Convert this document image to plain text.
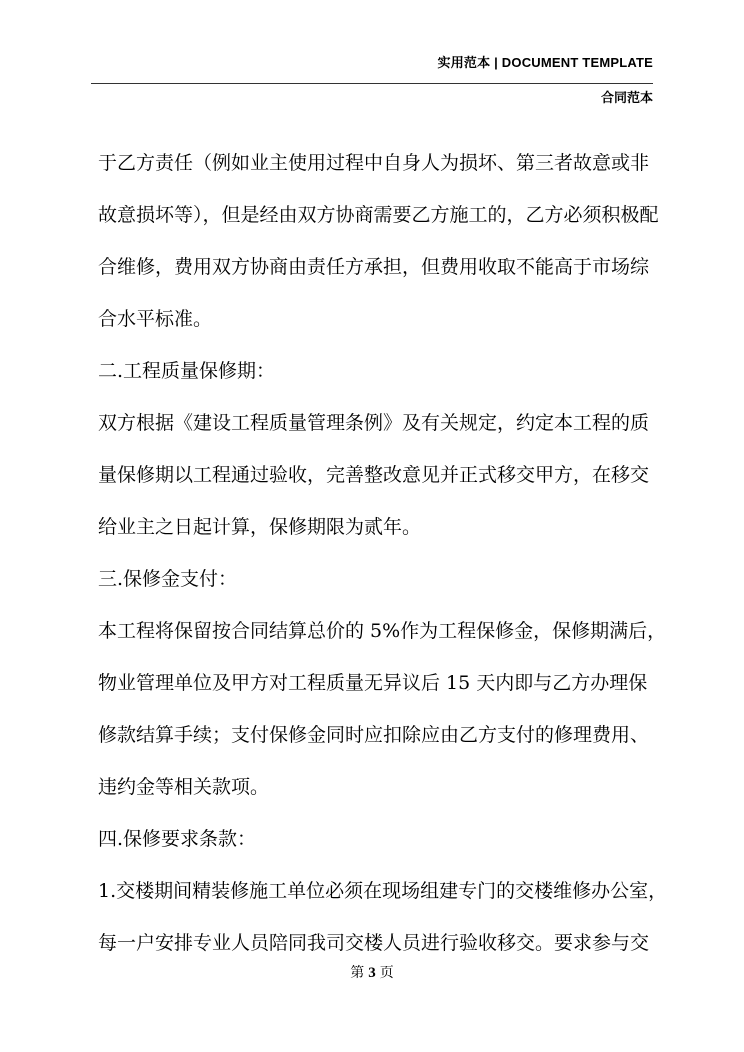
实用范本 | DOCUMENT TEMPLATE
合同范本
于乙方责任（例如业主使用过程中自身人为损坏、第三者故意或非
故意损坏等），但是经由双方协商需要乙方施工的，乙方必须积极配
合维修，费用双方协商由责任方承担，但费用收取不能高于市场综
合水平标准。
二.工程质量保修期：
双方根据《建设工程质量管理条例》及有关规定，约定本工程的质
量保修期以工程通过验收，完善整改意见并正式移交甲方，在移交
给业主之日起计算，保修期限为贰年。
三.保修金支付：
本工程将保留按合同结算总价的 5%作为工程保修金，保修期满后，
物业管理单位及甲方对工程质量无异议后 15 天内即与乙方办理保
修款结算手续；支付保修金同时应扣除应由乙方支付的修理费用、
违约金等相关款项。
四.保修要求条款：
1.交楼期间精装修施工单位必须在现场组建专门的交楼维修办公室，
每一户安排专业人员陪同我司交楼人员进行验收移交。要求参与交
第 3 页
